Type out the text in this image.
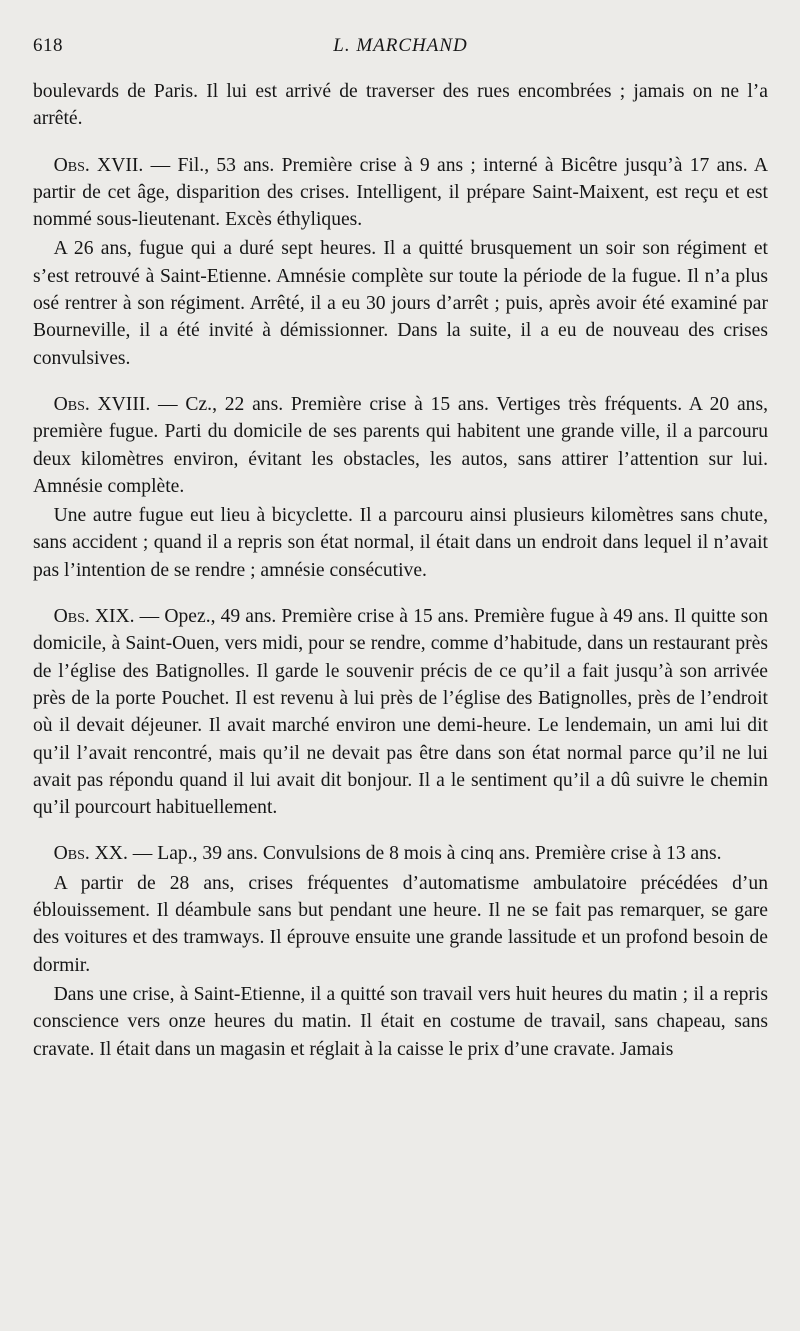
618	L. MARCHAND

boulevards de Paris. Il lui est arrivé de traverser des rues encombrées ; jamais on ne l’a arrêté.

Obs. XVII. — Fil., 53 ans. Première crise à 9 ans ; interné à Bicêtre jusqu’à 17 ans. A partir de cet âge, disparition des crises. Intelligent, il prépare Saint-Maixent, est reçu et est nommé sous-lieutenant. Excès éthyliques.

A 26 ans, fugue qui a duré sept heures. Il a quitté brusquement un soir son régiment et s’est retrouvé à Saint-Etienne. Amnésie complète sur toute la période de la fugue. Il n’a plus osé rentrer à son régiment. Arrêté, il a eu 30 jours d’arrêt ; puis, après avoir été examiné par Bourneville, il a été invité à démissionner. Dans la suite, il a eu de nouveau des crises convulsives.

Obs. XVIII. — Cz., 22 ans. Première crise à 15 ans. Vertiges très fréquents. A 20 ans, première fugue. Parti du domicile de ses parents qui habitent une grande ville, il a parcouru deux kilomètres environ, évitant les obstacles, les autos, sans attirer l’attention sur lui. Amnésie complète.

Une autre fugue eut lieu à bicyclette. Il a parcouru ainsi plusieurs kilomètres sans chute, sans accident ; quand il a repris son état normal, il était dans un endroit dans lequel il n’avait pas l’intention de se rendre ; amnésie consécutive.

Obs. XIX. — Opez., 49 ans. Première crise à 15 ans. Première fugue à 49 ans. Il quitte son domicile, à Saint-Ouen, vers midi, pour se rendre, comme d’habitude, dans un restaurant près de l’église des Batignolles. Il garde le souvenir précis de ce qu’il a fait jusqu’à son arrivée près de la porte Pouchet. Il est revenu à lui près de l’église des Batignolles, près de l’endroit où il devait déjeuner. Il avait marché environ une demi-heure. Le lendemain, un ami lui dit qu’il l’avait rencontré, mais qu’il ne devait pas être dans son état normal parce qu’il ne lui avait pas répondu quand il lui avait dit bonjour. Il a le sentiment qu’il a dû suivre le chemin qu’il pourcourt habituellement.

Obs. XX. — Lap., 39 ans. Convulsions de 8 mois à cinq ans. Première crise à 13 ans.

A partir de 28 ans, crises fréquentes d’automatisme ambulatoire précédées d’un éblouissement. Il déambule sans but pendant une heure. Il ne se fait pas remarquer, se gare des voitures et des tramways. Il éprouve ensuite une grande lassitude et un profond besoin de dormir.

Dans une crise, à Saint-Etienne, il a quitté son travail vers huit heures du matin ; il a repris conscience vers onze heures du matin. Il était en costume de travail, sans chapeau, sans cravate. Il était dans un magasin et réglait à la caisse le prix d’une cravate. Jamais
